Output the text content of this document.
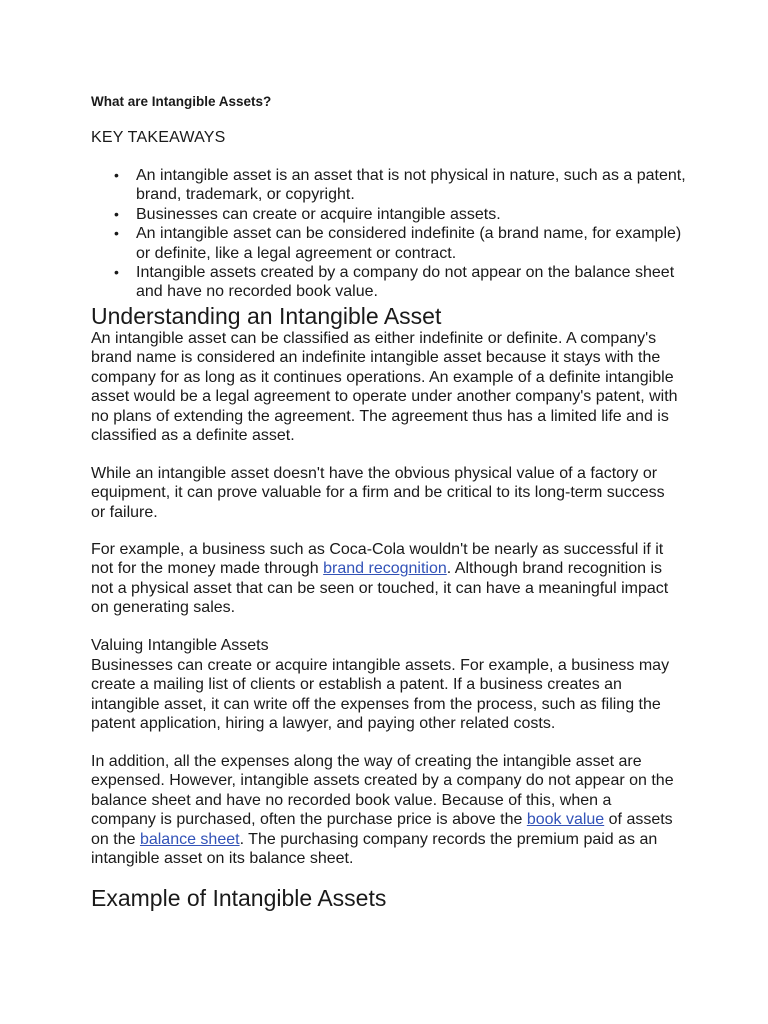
What are Intangible Assets?
KEY TAKEAWAYS
• An intangible asset is an asset that is not physical in nature, such as a patent, brand, trademark, or copyright.
• Businesses can create or acquire intangible assets.
• An intangible asset can be considered indefinite (a brand name, for example) or definite, like a legal agreement or contract.
• Intangible assets created by a company do not appear on the balance sheet and have no recorded book value.
Understanding an Intangible Asset

An intangible asset can be classified as either indefinite or definite. A company's brand name is considered an indefinite intangible asset because it stays with the company for as long as it continues operations. An example of a definite intangible asset would be a legal agreement to operate under another company's patent, with no plans of extending the agreement. The agreement thus has a limited life and is classified as a definite asset.

While an intangible asset doesn't have the obvious physical value of a factory or equipment, it can prove valuable for a firm and be critical to its long-term success or failure.

For example, a business such as Coca-Cola wouldn't be nearly as successful if it not for the money made through brand recognition. Although brand recognition is not a physical asset that can be seen or touched, it can have a meaningful impact on generating sales.

Valuing Intangible Assets

Businesses can create or acquire intangible assets. For example, a business may create a mailing list of clients or establish a patent. If a business creates an intangible asset, it can write off the expenses from the process, such as filing the patent application, hiring a lawyer, and paying other related costs.

In addition, all the expenses along the way of creating the intangible asset are expensed. However, intangible assets created by a company do not appear on the balance sheet and have no recorded book value. Because of this, when a company is purchased, often the purchase price is above the book value of assets on the balance sheet. The purchasing company records the premium paid as an intangible asset on its balance sheet.

Example of Intangible Assets
